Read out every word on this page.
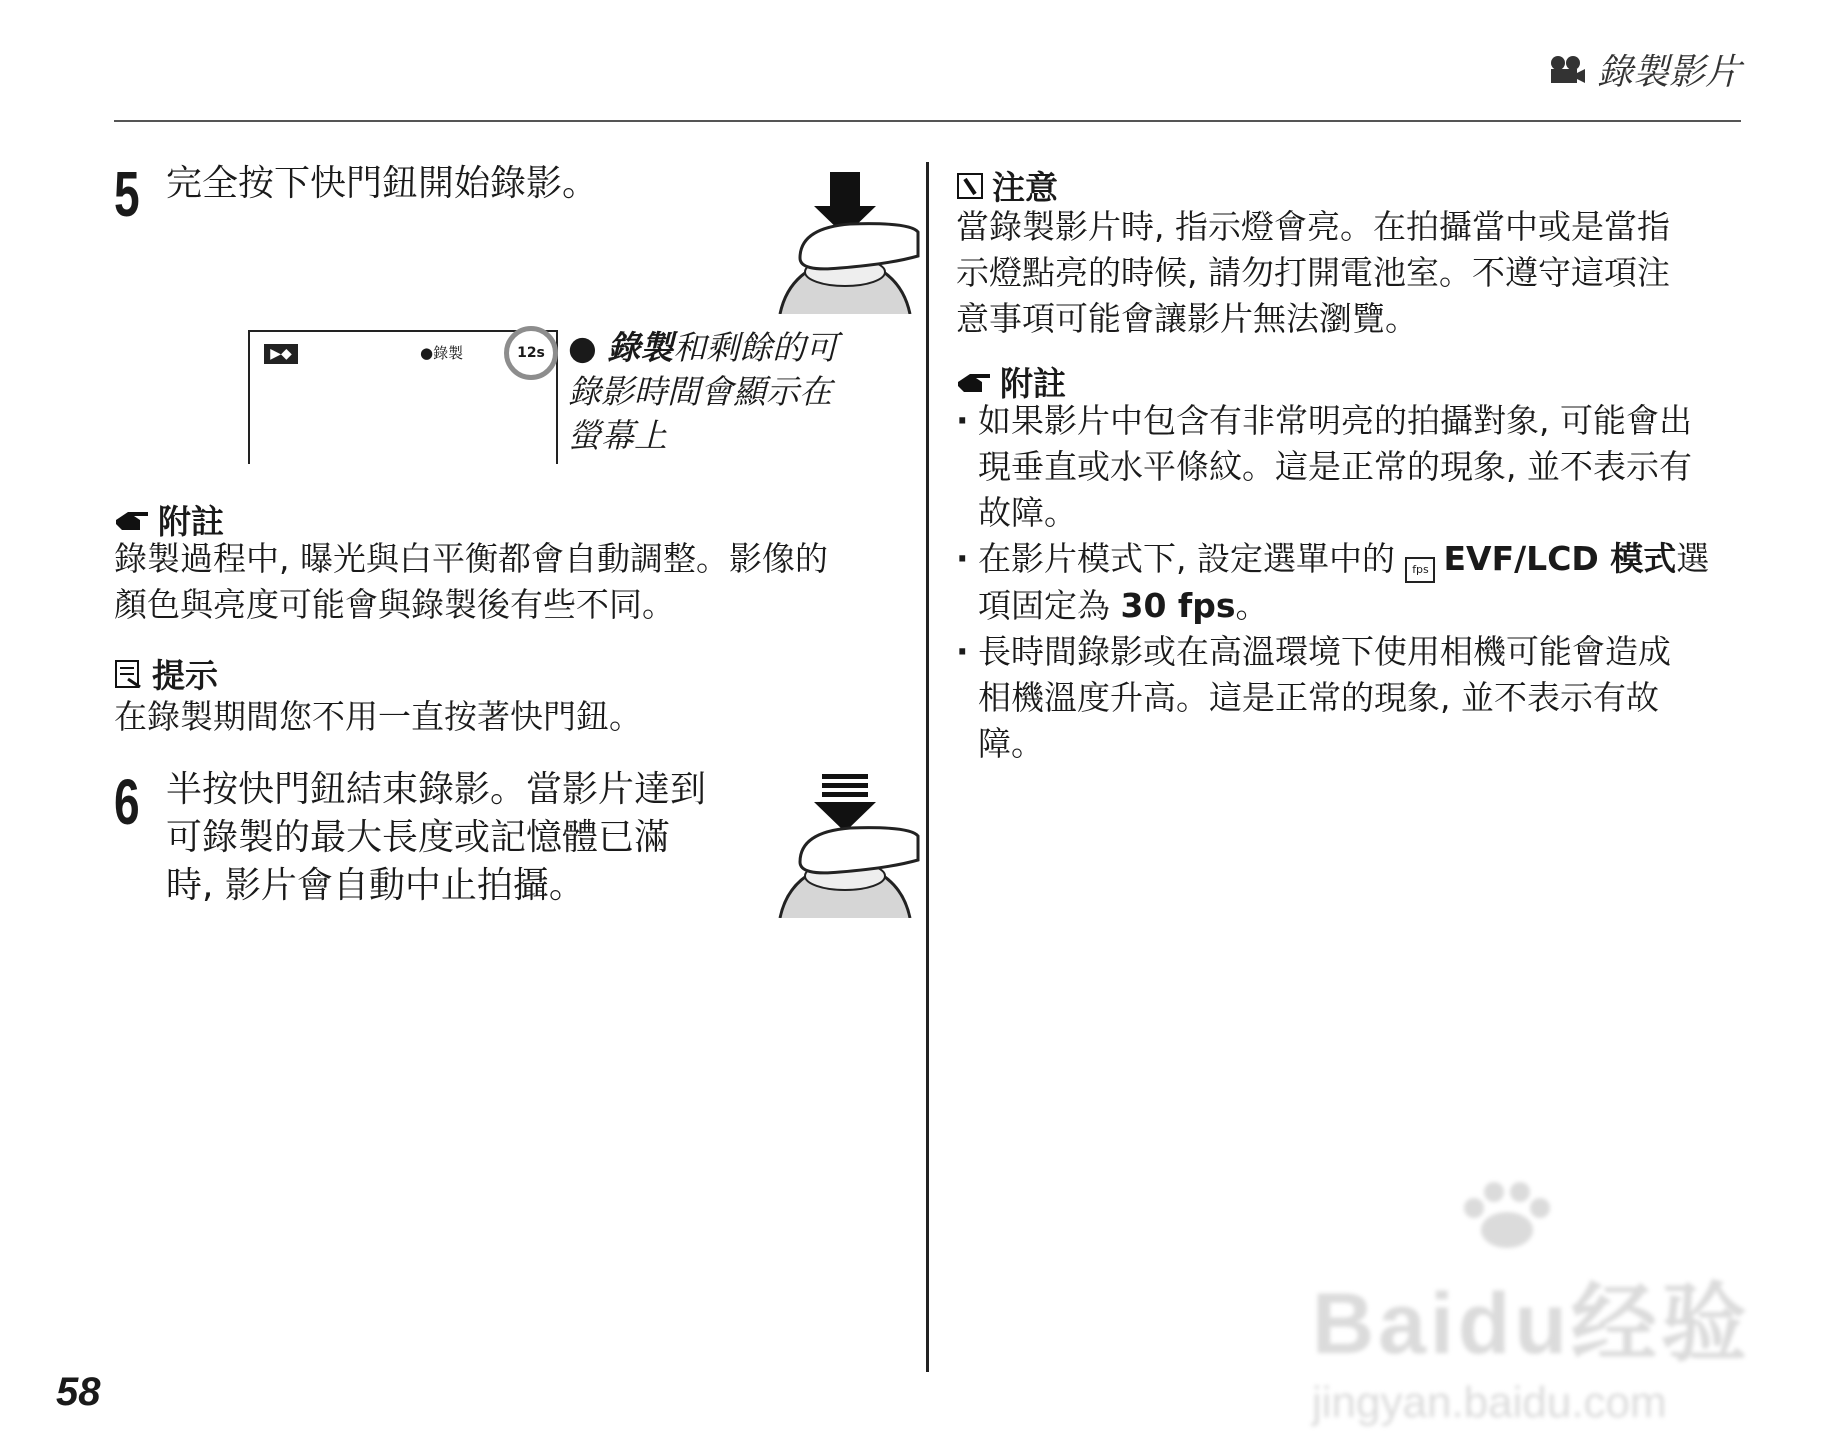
錄製影片
5 完全按下快門鈕開始錄影。
▶◆	●錄製	12s ● 錄製和剩餘的可
錄影時間會顯示在
螢幕上
附註
錄製過程中, 曝光與白平衡都會自動調整。影像的
顏色與亮度可能會與錄製後有些不同。
提示
在錄製期間您不用一直按著快門鈕。
6 半按快門鈕結束錄影。當影片達到
可錄製的最大長度或記憶體已滿
時, 影片會自動中止拍攝。
注意
當錄製影片時, 指示燈會亮。在拍攝當中或是當指
示燈點亮的時候, 請勿打開電池室。不遵守這項注
意事項可能會讓影片無法瀏覽。
附註
· 如果影片中包含有非常明亮的拍攝對象, 可能會出
現垂直或水平條紋。這是正常的現象, 並不表示有
故障。
· 在影片模式下, 設定選單中的 fps EVF/LCD 模式選
項固定為 30 fps。
· 長時間錄影或在高溫環境下使用相機可能會造成
相機溫度升高。這是正常的現象, 並不表示有故
障。
Baidu经验
jingyan.baidu.com
58
